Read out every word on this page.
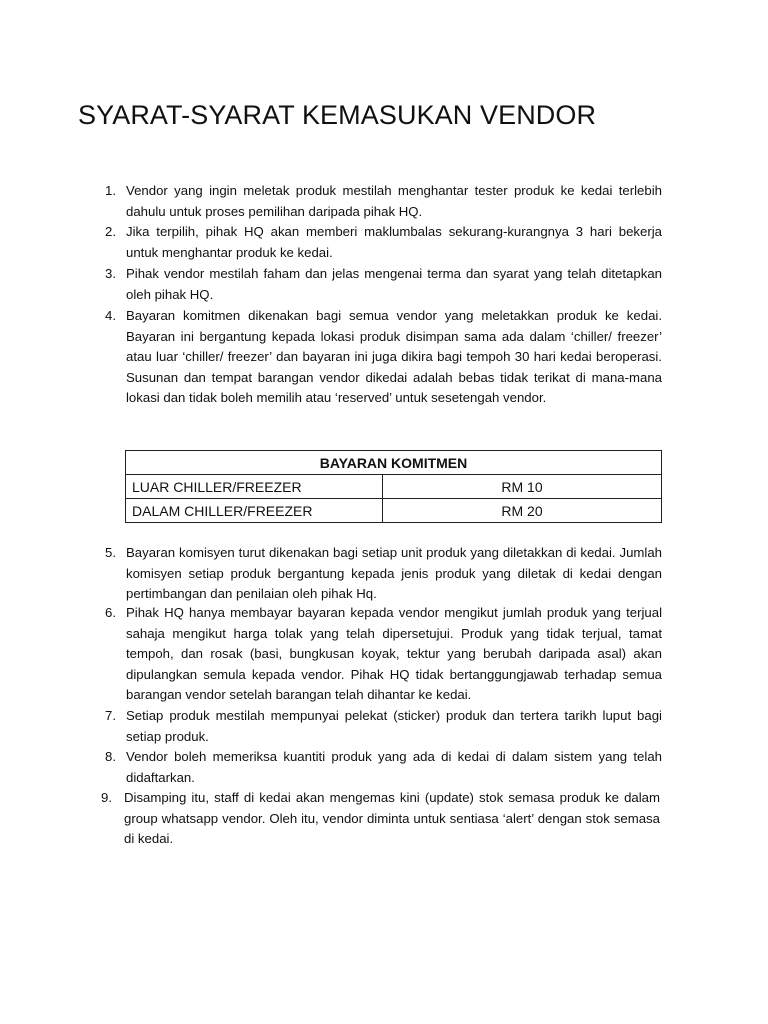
SYARAT-SYARAT KEMASUKAN VENDOR
1. Vendor yang ingin meletak produk mestilah menghantar tester produk ke kedai terlebih dahulu untuk proses pemilihan daripada pihak HQ.
2. Jika terpilih, pihak HQ akan memberi maklumbalas sekurang-kurangnya 3 hari bekerja untuk menghantar produk ke kedai.
3. Pihak vendor mestilah faham dan jelas mengenai terma dan syarat yang telah ditetapkan oleh pihak HQ.
4. Bayaran komitmen dikenakan bagi semua vendor yang meletakkan produk ke kedai. Bayaran ini bergantung kepada lokasi produk disimpan sama ada dalam ‘chiller/ freezer’ atau luar ‘chiller/ freezer’ dan bayaran ini juga dikira bagi tempoh 30 hari kedai beroperasi. Susunan dan tempat barangan vendor dikedai adalah bebas tidak terikat di mana-mana lokasi dan tidak boleh memilih atau ‘reserved’ untuk sesetengah vendor.
BAYARAN KOMITMEN	
LUAR CHILLER/FREEZER	RM 10
DALAM CHILLER/FREEZER	RM 20
5. Bayaran komisyen turut dikenakan bagi setiap unit produk yang diletakkan di kedai. Jumlah komisyen setiap produk bergantung kepada jenis produk yang diletak di kedai dengan pertimbangan dan penilaian oleh pihak Hq.
6. Pihak HQ hanya membayar bayaran kepada vendor mengikut jumlah produk yang terjual sahaja mengikut harga tolak yang telah dipersetujui. Produk yang tidak terjual, tamat tempoh, dan rosak (basi, bungkusan koyak, tektur yang berubah daripada asal) akan dipulangkan semula kepada vendor. Pihak HQ tidak bertanggungjawab terhadap semua barangan vendor setelah barangan telah dihantar ke kedai.
7. Setiap produk mestilah mempunyai pelekat (sticker) produk dan tertera tarikh luput bagi setiap produk.
8. Vendor boleh memeriksa kuantiti produk yang ada di kedai di dalam sistem yang telah didaftarkan.
9. Disamping itu, staff di kedai akan mengemas kini (update) stok semasa produk ke dalam group whatsapp vendor. Oleh itu, vendor diminta untuk sentiasa ‘alert’ dengan stok semasa di kedai.
